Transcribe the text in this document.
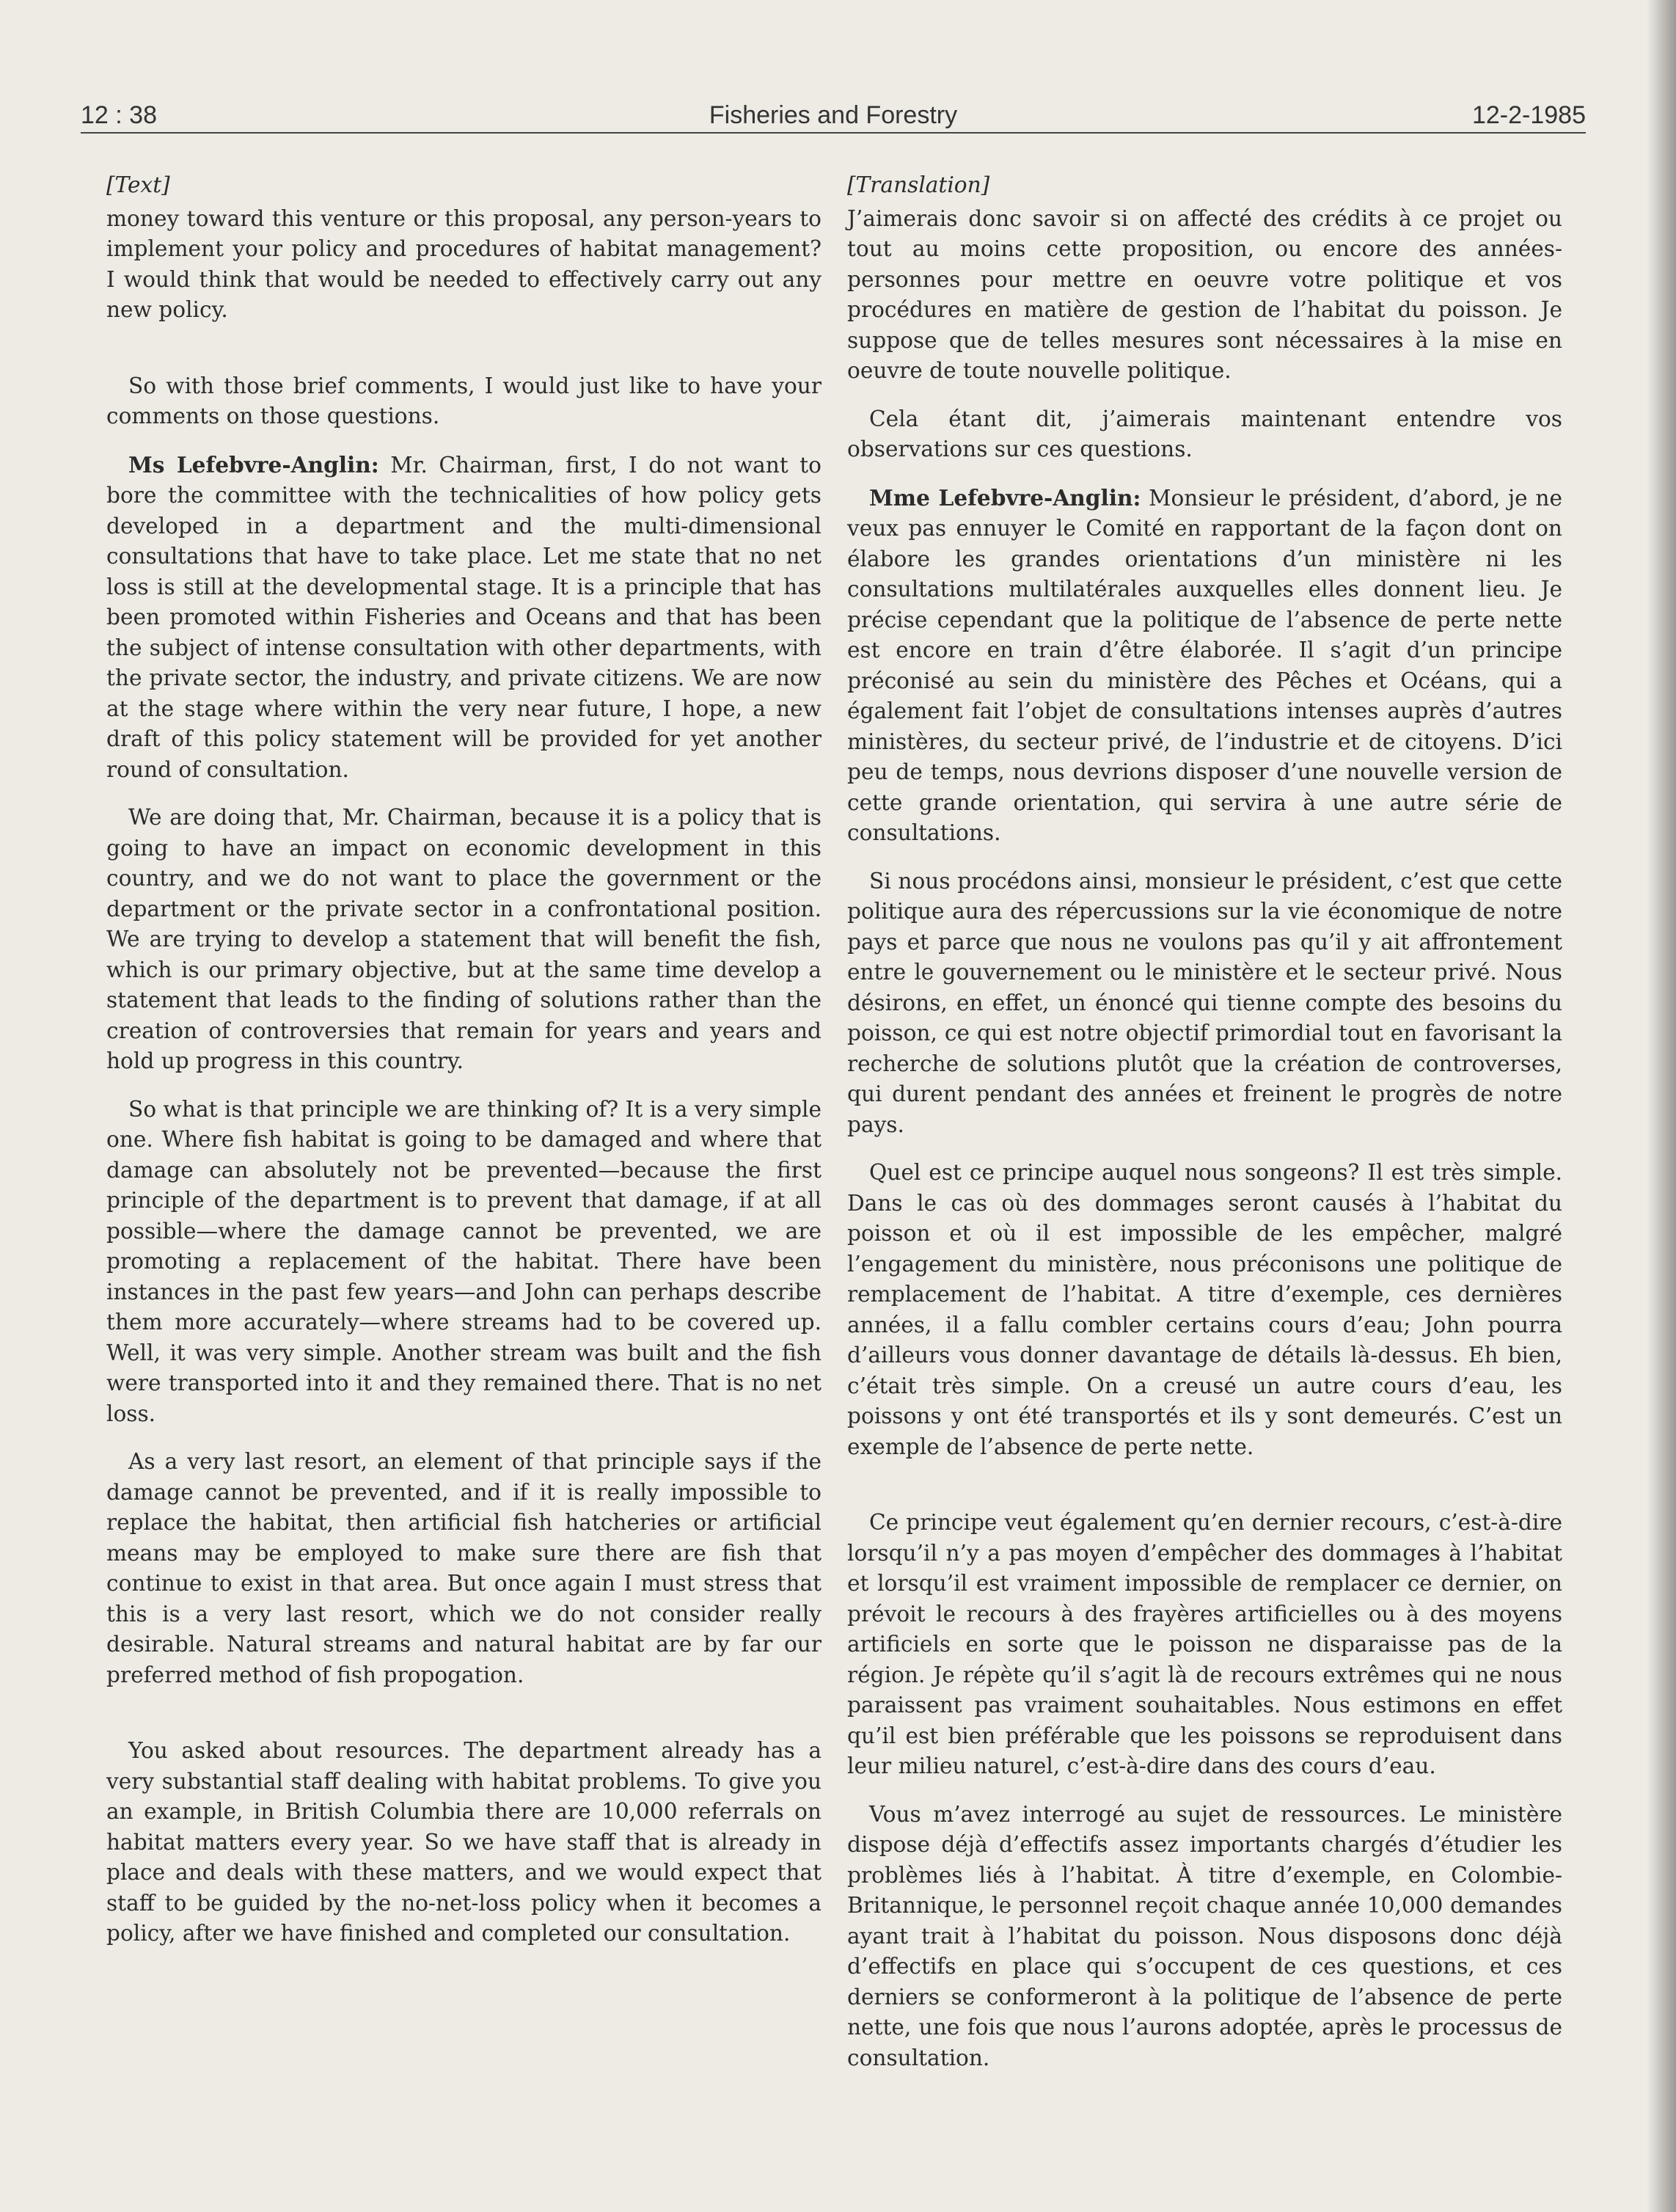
12 : 38	Fisheries and Forestry	12-2-1985
[Text]

money toward this venture or this proposal, any person-years to implement your policy and procedures of habitat management? I would think that would be needed to effectively carry out any new policy.

So with those brief comments, I would just like to have your comments on those questions.

Ms Lefebvre-Anglin: Mr. Chairman, first, I do not want to bore the committee with the technicalities of how policy gets developed in a department and the multi-dimensional consultations that have to take place. Let me state that no net loss is still at the developmental stage. It is a principle that has been promoted within Fisheries and Oceans and that has been the subject of intense consultation with other departments, with the private sector, the industry, and private citizens. We are now at the stage where within the very near future, I hope, a new draft of this policy statement will be provided for yet another round of consultation.

We are doing that, Mr. Chairman, because it is a policy that is going to have an impact on economic development in this country, and we do not want to place the government or the department or the private sector in a confrontational position. We are trying to develop a statement that will benefit the fish, which is our primary objective, but at the same time develop a statement that leads to the finding of solutions rather than the creation of controversies that remain for years and years and hold up progress in this country.

So what is that principle we are thinking of? It is a very simple one. Where fish habitat is going to be damaged and where that damage can absolutely not be prevented—because the first principle of the department is to prevent that damage, if at all possible—where the damage cannot be prevented, we are promoting a replacement of the habitat. There have been instances in the past few years—and John can perhaps describe them more accurately—where streams had to be covered up. Well, it was very simple. Another stream was built and the fish were transported into it and they remained there. That is no net loss.

As a very last resort, an element of that principle says if the damage cannot be prevented, and if it is really impossible to replace the habitat, then artificial fish hatcheries or artificial means may be employed to make sure there are fish that continue to exist in that area. But once again I must stress that this is a very last resort, which we do not consider really desirable. Natural streams and natural habitat are by far our preferred method of fish propogation.

You asked about resources. The department already has a very substantial staff dealing with habitat problems. To give you an example, in British Columbia there are 10,000 referrals on habitat matters every year. So we have staff that is already in place and deals with these matters, and we would expect that staff to be guided by the no-net-loss policy when it becomes a policy, after we have finished and completed our consultation.

[Translation]

J’aimerais donc savoir si on affecté des crédits à ce projet ou tout au moins cette proposition, ou encore des années-personnes pour mettre en oeuvre votre politique et vos procédures en matière de gestion de l’habitat du poisson. Je suppose que de telles mesures sont nécessaires à la mise en oeuvre de toute nouvelle politique.

Cela étant dit, j’aimerais maintenant entendre vos observations sur ces questions.

Mme Lefebvre-Anglin: Monsieur le président, d’abord, je ne veux pas ennuyer le Comité en rapportant de la façon dont on élabore les grandes orientations d’un ministère ni les consultations multilatérales auxquelles elles donnent lieu. Je précise cependant que la politique de l’absence de perte nette est encore en train d’être élaborée. Il s’agit d’un principe préconisé au sein du ministère des Pêches et Océans, qui a également fait l’objet de consultations intenses auprès d’autres ministères, du secteur privé, de l’industrie et de citoyens. D’ici peu de temps, nous devrions disposer d’une nouvelle version de cette grande orientation, qui servira à une autre série de consultations.

Si nous procédons ainsi, monsieur le président, c’est que cette politique aura des répercussions sur la vie économique de notre pays et parce que nous ne voulons pas qu’il y ait affrontement entre le gouvernement ou le ministère et le secteur privé. Nous désirons, en effet, un énoncé qui tienne compte des besoins du poisson, ce qui est notre objectif primordial tout en favorisant la recherche de solutions plutôt que la création de controverses, qui durent pendant des années et freinent le progrès de notre pays.

Quel est ce principe auquel nous songeons? Il est très simple. Dans le cas où des dommages seront causés à l’habitat du poisson et où il est impossible de les empêcher, malgré l’engagement du ministère, nous préconisons une politique de remplacement de l’habitat. A titre d’exemple, ces dernières années, il a fallu combler certains cours d’eau; John pourra d’ailleurs vous donner davantage de détails là-dessus. Eh bien, c’était très simple. On a creusé un autre cours d’eau, les poissons y ont été transportés et ils y sont demeurés. C’est un exemple de l’absence de perte nette.

Ce principe veut également qu’en dernier recours, c’est-à-dire lorsqu’il n’y a pas moyen d’empêcher des dommages à l’habitat et lorsqu’il est vraiment impossible de remplacer ce dernier, on prévoit le recours à des frayères artificielles ou à des moyens artificiels en sorte que le poisson ne disparaisse pas de la région. Je répète qu’il s’agit là de recours extrêmes qui ne nous paraissent pas vraiment souhaitables. Nous estimons en effet qu’il est bien préférable que les poissons se reproduisent dans leur milieu naturel, c’est-à-dire dans des cours d’eau.

Vous m’avez interrogé au sujet de ressources. Le ministère dispose déjà d’effectifs assez importants chargés d’étudier les problèmes liés à l’habitat. À titre d’exemple, en Colombie-Britannique, le personnel reçoit chaque année 10,000 demandes ayant trait à l’habitat du poisson. Nous disposons donc déjà d’effectifs en place qui s’occupent de ces questions, et ces derniers se conformeront à la politique de l’absence de perte nette, une fois que nous l’aurons adoptée, après le processus de consultation.
